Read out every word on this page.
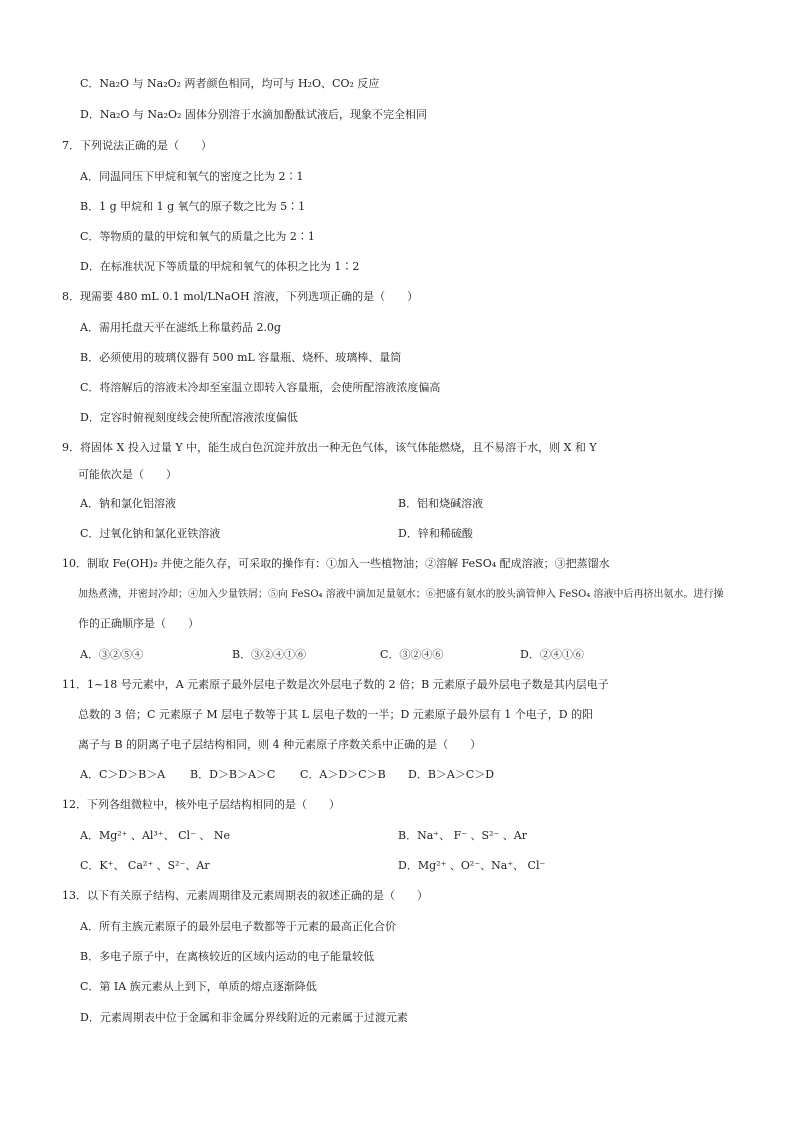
C．Na₂O 与 Na₂O₂ 两者颜色相同，均可与 H₂O、CO₂ 反应
D．Na₂O 与 Na₂O₂ 固体分别溶于水滴加酚酞试液后，现象不完全相同
7．下列说法正确的是（　　）
A．同温同压下甲烷和氧气的密度之比为 2∶1
B．1 g 甲烷和 1 g 氧气的原子数之比为 5∶1
C．等物质的量的甲烷和氧气的质量之比为 2∶1
D．在标准状况下等质量的甲烷和氧气的体积之比为 1∶2
8．现需要 480 mL 0.1 mol/LNaOH 溶液，下列选项正确的是（　　）
A．需用托盘天平在滤纸上称量药品 2.0g
B．必须使用的玻璃仪器有 500 mL 容量瓶、烧杯、玻璃棒、量筒
C．将溶解后的溶液未冷却至室温立即转入容量瓶，会使所配溶液浓度偏高
D．定容时俯视刻度线会使所配溶液浓度偏低
9．将固体 X 投入过量 Y 中，能生成白色沉淀并放出一种无色气体，该气体能燃烧，且不易溶于水，则 X 和 Y
可能依次是（　　）
A．钠和氯化铝溶液	B．铝和烧碱溶液
C．过氧化钠和氯化亚铁溶液	D．锌和稀硫酸
10．制取 Fe(OH)₂ 并使之能久存，可采取的操作有：①加入一些植物油；②溶解 FeSO₄ 配成溶液；③把蒸馏水
加热煮沸，并密封冷却；④加入少量铁屑；⑤向 FeSO₄ 溶液中滴加足量氨水；⑥把盛有氨水的胶头滴管伸入 FeSO₄ 溶液中后再挤出氨水。进行操
作的正确顺序是（　　）
A．③②⑤④	B．③②④①⑥	C．③②④⑥	D．②④①⑥
11．1~18 号元素中，A 元素原子最外层电子数是次外层电子数的 2 倍；B 元素原子最外层电子数是其内层电子
总数的 3 倍；C 元素原子 M 层电子数等于其 L 层电子数的一半；D 元素原子最外层有 1 个电子，D 的阳
离子与 B 的阴离子电子层结构相同，则 4 种元素原子序数关系中正确的是（　　）
A．C＞D＞B＞A B．D＞B＞A＞C C．A＞D＞C＞B D．B＞A＞C＞D
12．下列各组微粒中，核外电子层结构相同的是（　　）
A．Mg²⁺ 、Al³⁺、 Cl⁻ 、 Ne	B．Na⁺、 F⁻ 、S²⁻ 、Ar
C．K⁺、 Ca²⁺ 、S²⁻、Ar	D．Mg²⁺ 、O²⁻、Na⁺、 Cl⁻
13．以下有关原子结构、元素周期律及元素周期表的叙述正确的是（　　）
A．所有主族元素原子的最外层电子数都等于元素的最高正化合价
B．多电子原子中，在离核较近的区域内运动的电子能量较低
C．第 IA 族元素从上到下，单质的熔点逐渐降低
D．元素周期表中位于金属和非金属分界线附近的元素属于过渡元素
